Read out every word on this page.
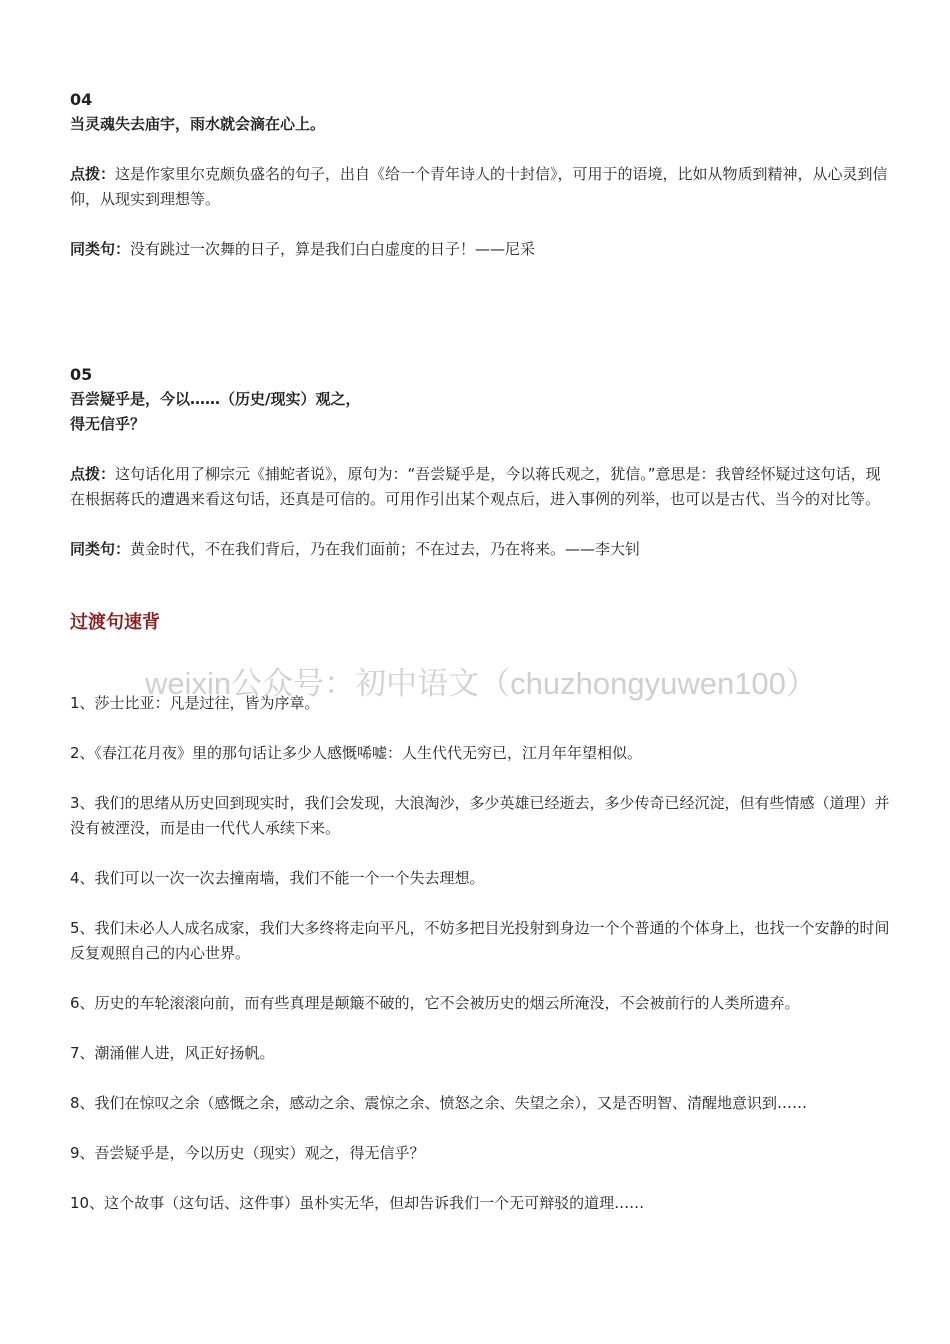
04

当灵魂失去庙宇，雨水就会滴在心上。

点拨：这是作家里尔克颇负盛名的句子，出自《给一个青年诗人的十封信》，可用于的语境，比如从物质到精神，从心灵到信仰，从现实到理想等。

同类句：没有跳过一次舞的日子，算是我们白白虚度的日子！——尼采

05

吾尝疑乎是，今以……（历史/现实）观之，

得无信乎？

点拨：这句话化用了柳宗元《捕蛇者说》，原句为：“吾尝疑乎是，今以蒋氏观之，犹信。”意思是：我曾经怀疑过这句话，现在根据蒋氏的遭遇来看这句话，还真是可信的。可用作引出某个观点后，进入事例的列举，也可以是古代、当今的对比等。

同类句：黄金时代，不在我们背后，乃在我们面前；不在过去，乃在将来。——李大钊

过渡句速背

1、莎士比亚：凡是过往，皆为序章。

2、《春江花月夜》里的那句话让多少人感慨唏嘘：人生代代无穷已，江月年年望相似。

3、我们的思绪从历史回到现实时，我们会发现，大浪淘沙，多少英雄已经逝去，多少传奇已经沉淀，但有些情感（道理）并没有被湮没，而是由一代代人承续下来。

4、我们可以一次一次去撞南墙，我们不能一个一个失去理想。

5、我们未必人人成名成家，我们大多终将走向平凡，不妨多把目光投射到身边一个个普通的个体身上，也找一个安静的时间反复观照自己的内心世界。

6、历史的车轮滚滚向前，而有些真理是颠簸不破的，它不会被历史的烟云所淹没，不会被前行的人类所遗弃。

7、潮涌催人进，风正好扬帆。

8、我们在惊叹之余（感慨之余，感动之余、震惊之余、愤怒之余、失望之余），又是否明智、清醒地意识到……

9、吾尝疑乎是，今以历史（现实）观之，得无信乎？

10、这个故事（这句话、这件事）虽朴实无华，但却告诉我们一个无可辩驳的道理……

weixin公众号：初中语文（chuzhongyuwen100）
